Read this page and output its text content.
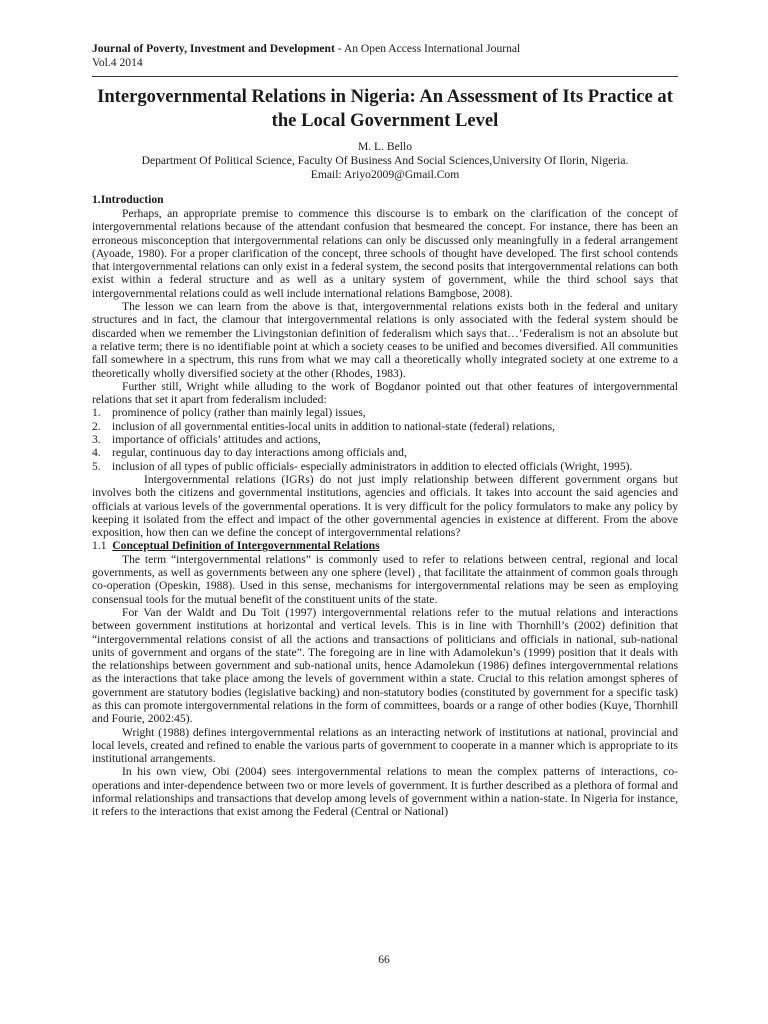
Journal of Poverty, Investment and Development - An Open Access International Journal
Vol.4 2014
Intergovernmental Relations in Nigeria: An Assessment of Its Practice at the Local Government Level
M. L. Bello
Department Of Political Science, Faculty Of Business And Social Sciences,University Of Ilorin, Nigeria.
Email: Ariyo2009@Gmail.Com
1.Introduction

Perhaps, an appropriate premise to commence this discourse is to embark on the clarification of the concept of intergovernmental relations because of the attendant confusion that besmeared the concept. For instance, there has been an erroneous misconception that intergovernmental relations can only be discussed only meaningfully in a federal arrangement (Ayoade, 1980). For a proper clarification of the concept, three schools of thought have developed. The first school contends that intergovernmental relations can only exist in a federal system, the second posits that intergovernmental relations can both exist within a federal structure and as well as a unitary system of government, while the third school says that intergovernmental relations could as well include international relations Bamgbose, 2008).

The lesson we can learn from the above is that, intergovernmental relations exists both in the federal and unitary structures and in fact, the clamour that intergovernmental relations is only associated with the federal system should be discarded when we remember the Livingstonian definition of federalism which says that…’Federalism is not an absolute but a relative term; there is no identifiable point at which a society ceases to be unified and becomes diversified. All communities fall somewhere in a spectrum, this runs from what we may call a theoretically wholly integrated society at one extreme to a theoretically wholly diversified society at the other (Rhodes, 1983).

Further still, Wright while alluding to the work of Bogdanor pointed out that other features of intergovernmental relations that set it apart from federalism included:

1. prominence of policy (rather than mainly legal) issues,
2. inclusion of all governmental entities-local units in addition to national-state (federal) relations,
3. importance of officials’ attitudes and actions,
4. regular, continuous day to day interactions among officials and,
5. inclusion of all types of public officials- especially administrators in addition to elected officials (Wright, 1995).

Intergovernmental relations (IGRs) do not just imply relationship between different government organs but involves both the citizens and governmental institutions, agencies and officials. It takes into account the said agencies and officials at various levels of the governmental operations. It is very difficult for the policy formulators to make any policy by keeping it isolated from the effect and impact of the other governmental agencies in existence at different. From the above exposition, how then can we define the concept of intergovernmental relations?

1.1 Conceptual Definition of Intergovernmental Relations

The term “intergovernmental relations” is commonly used to refer to relations between central, regional and local governments, as well as governments between any one sphere (level) , that facilitate the attainment of common goals through co-operation (Opeskin, 1988). Used in this sense, mechanisms for intergovernmental relations may be seen as employing consensual tools for the mutual benefit of the constituent units of the state.

For Van der Waldt and Du Toit (1997) intergovernmental relations refer to the mutual relations and interactions between government institutions at horizontal and vertical levels. This is in line with Thornhill’s (2002) definition that “intergovernmental relations consist of all the actions and transactions of politicians and officials in national, sub-national units of government and organs of the state”. The foregoing are in line with Adamolekun’s (1999) position that it deals with the relationships between government and sub-national units, hence Adamolekun (1986) defines intergovernmental relations as the interactions that take place among the levels of government within a state. Crucial to this relation amongst spheres of government are statutory bodies (legislative backing) and non-statutory bodies (constituted by government for a specific task) as this can promote intergovernmental relations in the form of committees, boards or a range of other bodies (Kuye, Thornhill and Fourie, 2002:45).

Wright (1988) defines intergovernmental relations as an interacting network of institutions at national, provincial and local levels, created and refined to enable the various parts of government to cooperate in a manner which is appropriate to its institutional arrangements.

In his own view, Obi (2004) sees intergovernmental relations to mean the complex patterns of interactions, co-operations and inter-dependence between two or more levels of government. It is further described as a plethora of formal and informal relationships and transactions that develop among levels of government within a nation-state. In Nigeria for instance, it refers to the interactions that exist among the Federal (Central or National)

66
